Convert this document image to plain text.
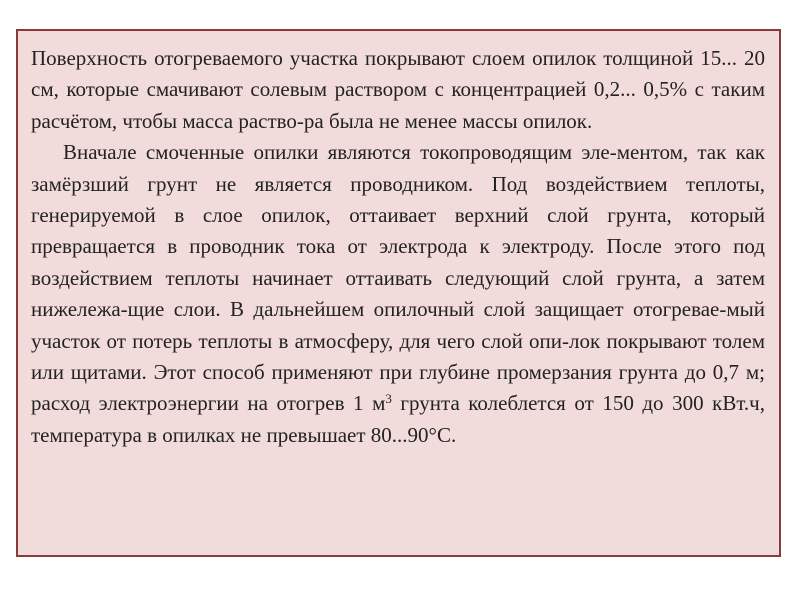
Поверхность отогреваемого участка покрывают слоем опилок толщиной 15... 20 см, которые смачивают солевым раствором с концентрацией 0,2... 0,5% с таким расчётом, чтобы масса раство-ра была не менее массы опилок.

Вначале смоченные опилки являются токопроводящим эле-ментом, так как замёрзший грунт не является проводником. Под воздействием теплоты, генерируемой в слое опилок, оттаивает верхний слой грунта, который превращается в проводник тока от электрода к электроду. После этого под воздействием теплоты начинает оттаивать следующий слой грунта, а затем нижележа-щие слои. В дальнейшем опилочный слой защищает отогревае-мый участок от потерь теплоты в атмосферу, для чего слой опи-лок покрывают толем или щитами. Этот способ применяют при глубине промерзания грунта до 0,7 м; расход электроэнергии на отогрев 1 $м^3$ грунта колеблется от 150 до 300 кВт.ч, температура в опилках не превышает 80...90°С.
